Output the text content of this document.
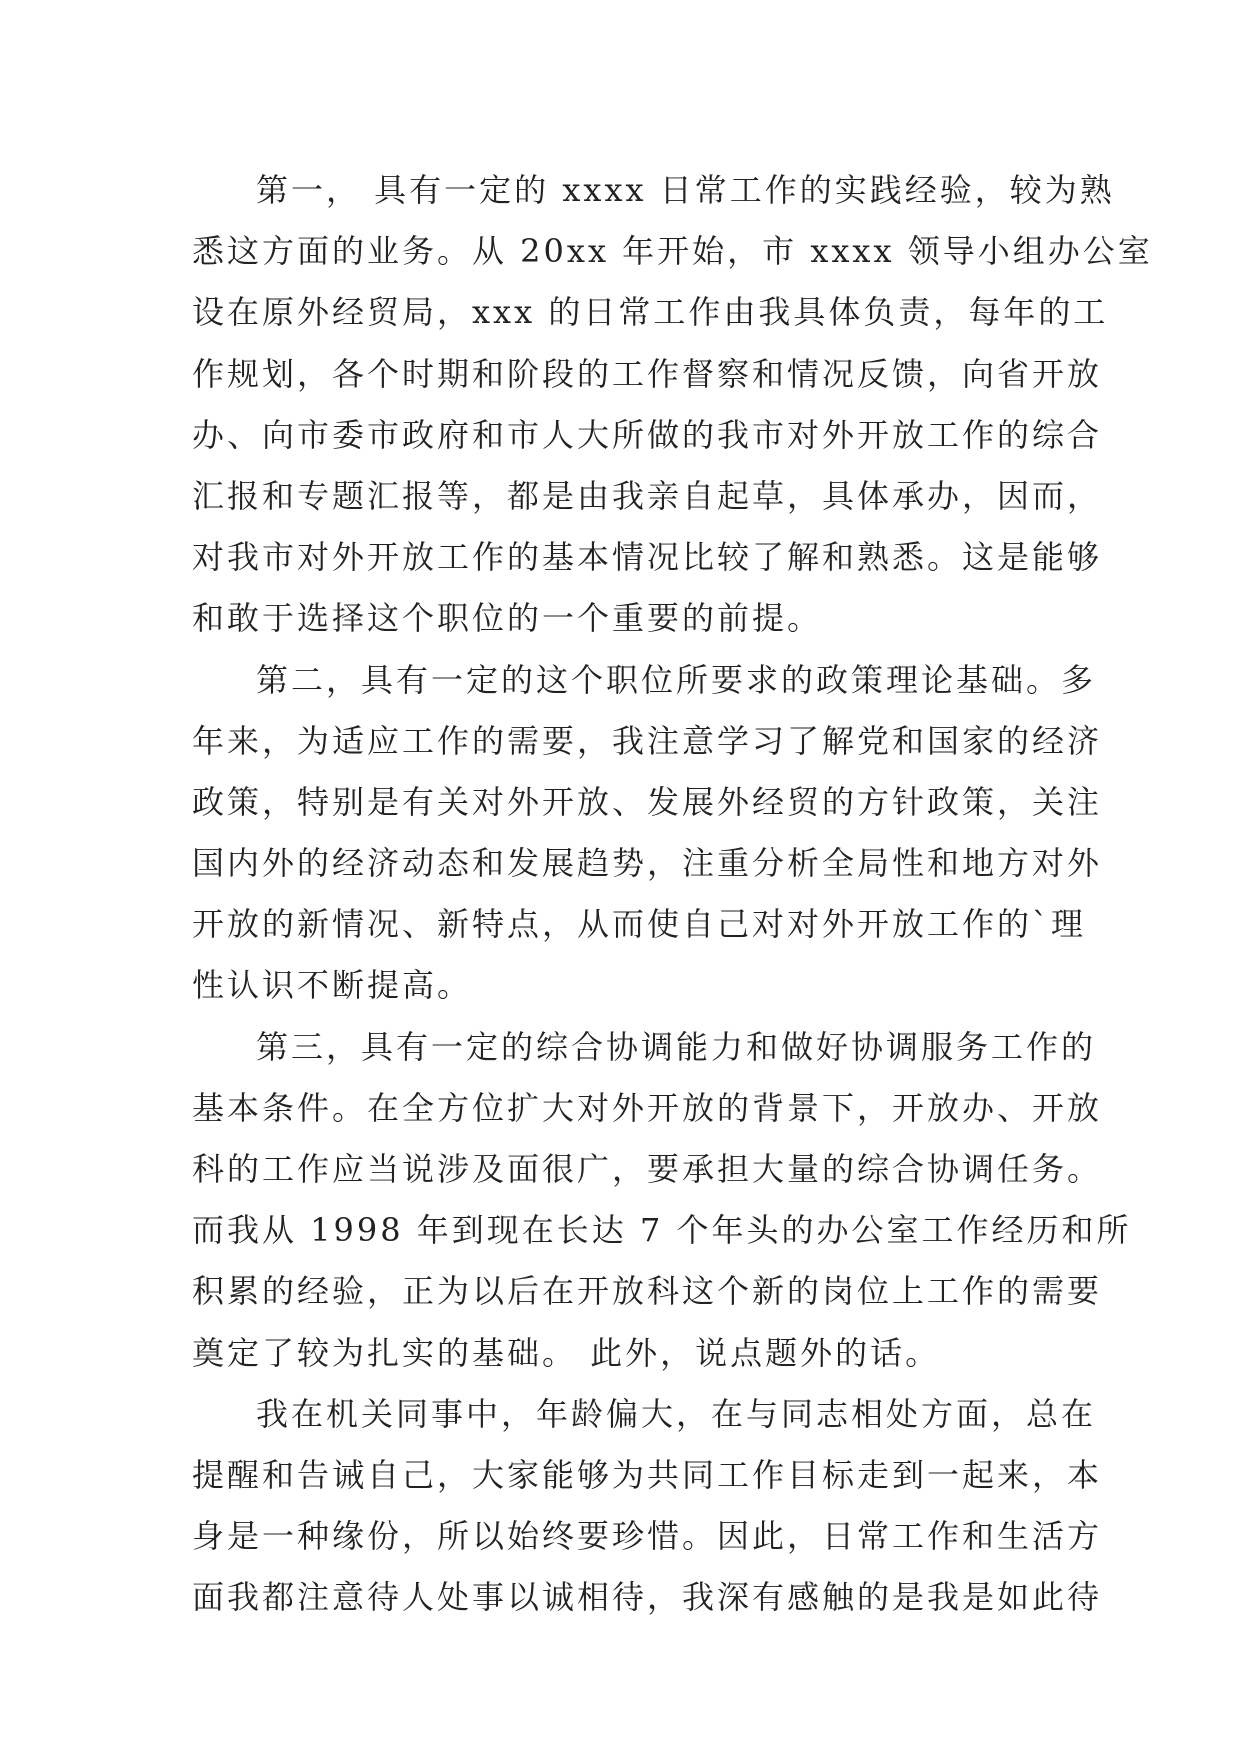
第一， 具有一定的 xxxx 日常工作的实践经验，较为熟
悉这方面的业务。从 20xx 年开始，市 xxxx 领导小组办公室
设在原外经贸局，xxx 的日常工作由我具体负责，每年的工
作规划，各个时期和阶段的工作督察和情况反馈，向省开放
办、向市委市政府和市人大所做的我市对外开放工作的综合
汇报和专题汇报等，都是由我亲自起草，具体承办，因而，
对我市对外开放工作的基本情况比较了解和熟悉。这是能够
和敢于选择这个职位的一个重要的前提。
第二，具有一定的这个职位所要求的政策理论基础。多
年来，为适应工作的需要，我注意学习了解党和国家的经济
政策，特别是有关对外开放、发展外经贸的方针政策，关注
国内外的经济动态和发展趋势，注重分析全局性和地方对外
开放的新情况、新特点，从而使自己对对外开放工作的`理
性认识不断提高。
第三，具有一定的综合协调能力和做好协调服务工作的
基本条件。在全方位扩大对外开放的背景下，开放办、开放
科的工作应当说涉及面很广，要承担大量的综合协调任务。
而我从 1998 年到现在长达 7 个年头的办公室工作经历和所
积累的经验，正为以后在开放科这个新的岗位上工作的需要
奠定了较为扎实的基础。 此外，说点题外的话。
我在机关同事中，年龄偏大，在与同志相处方面，总在
提醒和告诫自己，大家能够为共同工作目标走到一起来，本
身是一种缘份，所以始终要珍惜。因此，日常工作和生活方
面我都注意待人处事以诚相待，我深有感触的是我是如此待
